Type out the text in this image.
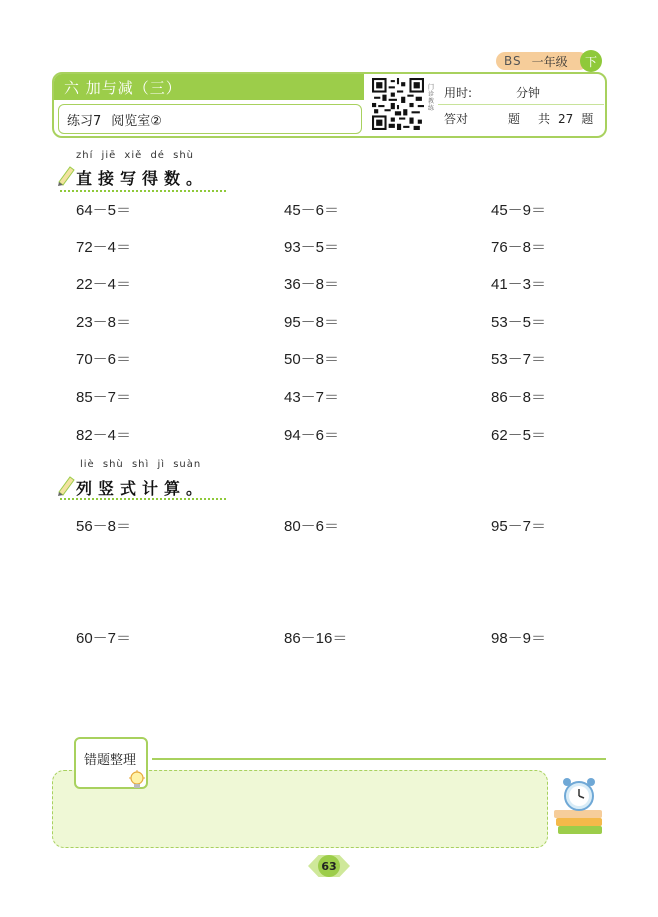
BS 一年级	下
六 加与减（三）
练习7 阅览室②
门诊教练
用时:	分钟
答对	题 共 27 题
zhí jiē xiě dé shù
直接写得数。
64－5＝	45－6＝	45－9＝
72－4＝	93－5＝	76－8＝
22－4＝	36－8＝	41－3＝
23－8＝	95－8＝	53－5＝
70－6＝	50－8＝	53－7＝
85－7＝	43－7＝	86－8＝
82－4＝	94－6＝	62－5＝
liè shù shì jì suàn
列竖式计算。
56－8＝	80－6＝	95－7＝
60－7＝	86－16＝	98－9＝
错题整理
63
